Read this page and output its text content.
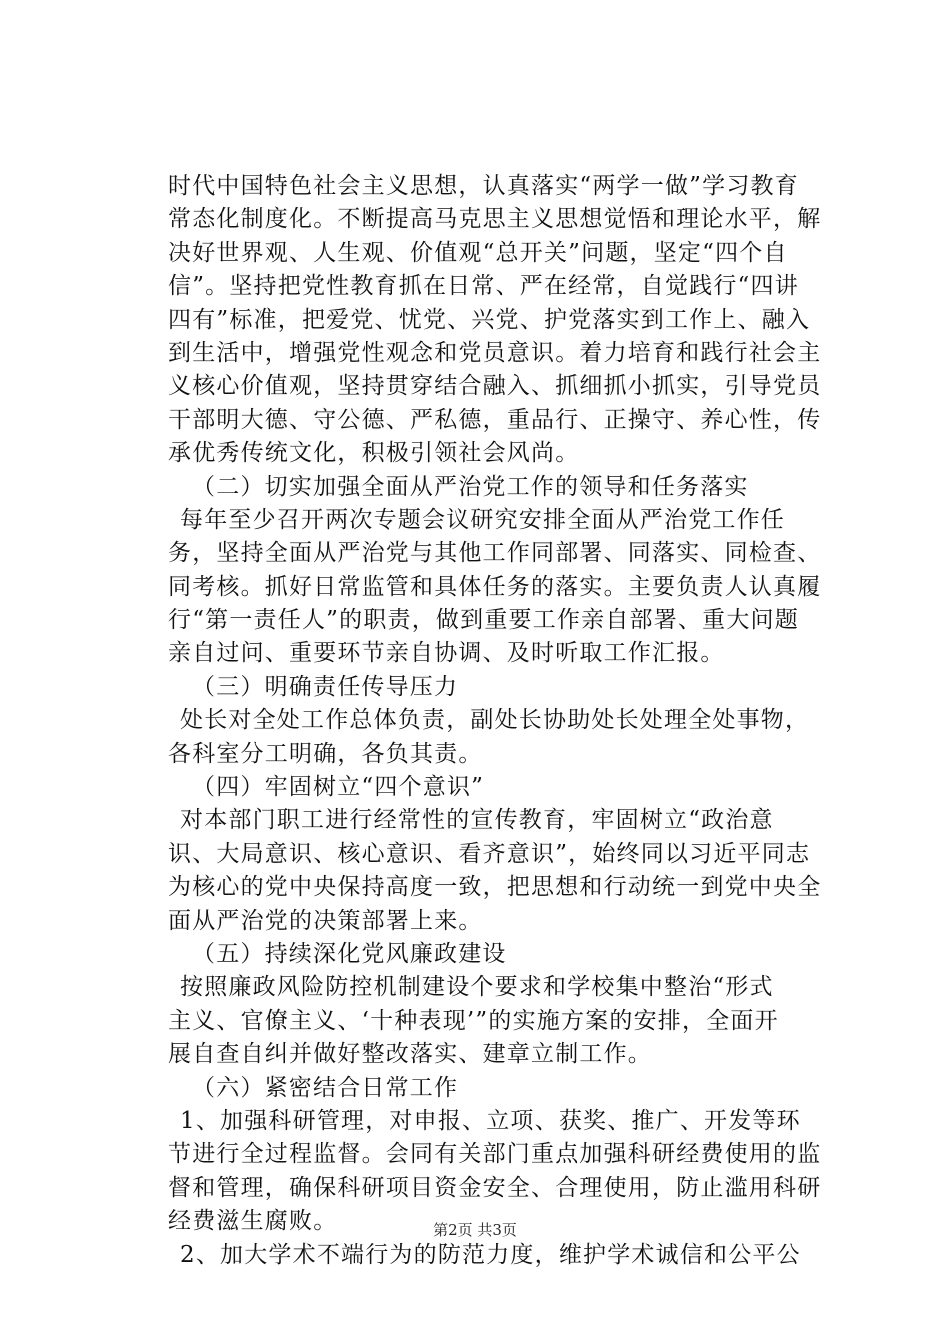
时代中国特色社会主义思想，认真落实“两学一做”学习教育
常态化制度化。不断提高马克思主义思想觉悟和理论水平，解
决好世界观、人生观、价值观“总开关”问题，坚定“四个自
信”。坚持把党性教育抓在日常、严在经常，自觉践行“四讲
四有”标准，把爱党、忧党、兴党、护党落实到工作上、融入
到生活中，增强党性观念和党员意识。着力培育和践行社会主
义核心价值观，坚持贯穿结合融入、抓细抓小抓实，引导党员
干部明大德、守公德、严私德，重品行、正操守、养心性，传
承优秀传统文化，积极引领社会风尚。
（二）切实加强全面从严治党工作的领导和任务落实
每年至少召开两次专题会议研究安排全面从严治党工作任
务，坚持全面从严治党与其他工作同部署、同落实、同检查、
同考核。抓好日常监管和具体任务的落实。主要负责人认真履
行“第一责任人”的职责，做到重要工作亲自部署、重大问题
亲自过问、重要环节亲自协调、及时听取工作汇报。
（三）明确责任传导压力
处长对全处工作总体负责，副处长协助处长处理全处事物，
各科室分工明确，各负其责。
（四）牢固树立“四个意识”
对本部门职工进行经常性的宣传教育，牢固树立“政治意
识、大局意识、核心意识、看齐意识”，始终同以习近平同志
为核心的党中央保持高度一致，把思想和行动统一到党中央全
面从严治党的决策部署上来。
（五）持续深化党风廉政建设
按照廉政风险防控机制建设个要求和学校集中整治“形式
主义、官僚主义、‘十种表现’”的实施方案的安排，全面开
展自查自纠并做好整改落实、建章立制工作。
（六）紧密结合日常工作
1、加强科研管理，对申报、立项、获奖、推广、开发等环
节进行全过程监督。会同有关部门重点加强科研经费使用的监
督和管理，确保科研项目资金安全、合理使用，防止滥用科研
经费滋生腐败。
2、加大学术不端行为的防范力度，维护学术诚信和公平公
第2页 共3页
